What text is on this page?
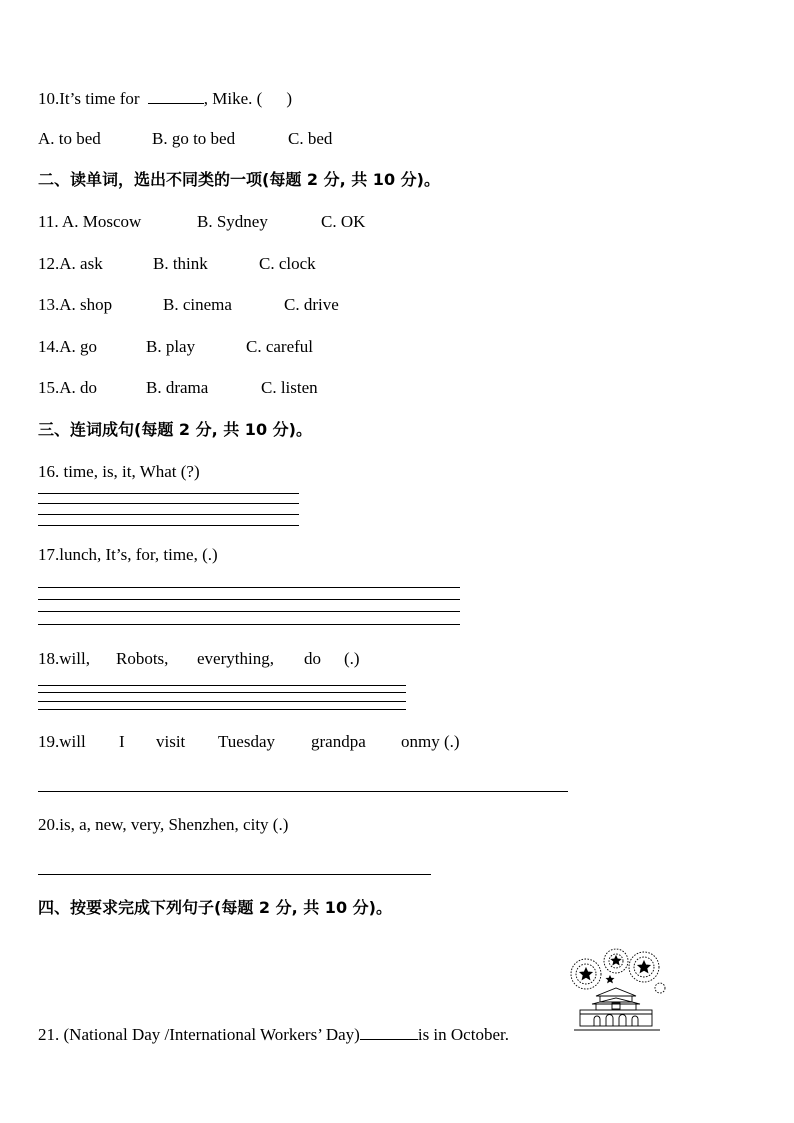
10.It’s time for	, Mike. ( )
A. to bed	B. go to bed	C. bed
二、读单词，选出不同类的一项(每题 2 分, 共 10 分)。
11. A. Moscow	B. Sydney	C. OK
12.A. ask	B. think	C. clock
13.A. shop	B. cinema	C. drive
14.A. go	B. play	C. careful
15.A. do	B. drama	C. listen
三、连词成句(每题 2 分, 共 10 分)。
16. time, is, it, What (?)
17.lunch, It’s, for, time, (.)
18.will, Robots, everything, do (.)
19.will I visit Tuesday grandpa onmy (.)
20.is, a, new, very, Shenzhen, city (.)
四、按要求完成下列句子(每题 2 分, 共 10 分)。
21. (National Day /International Workers’ Day)	is in October.
